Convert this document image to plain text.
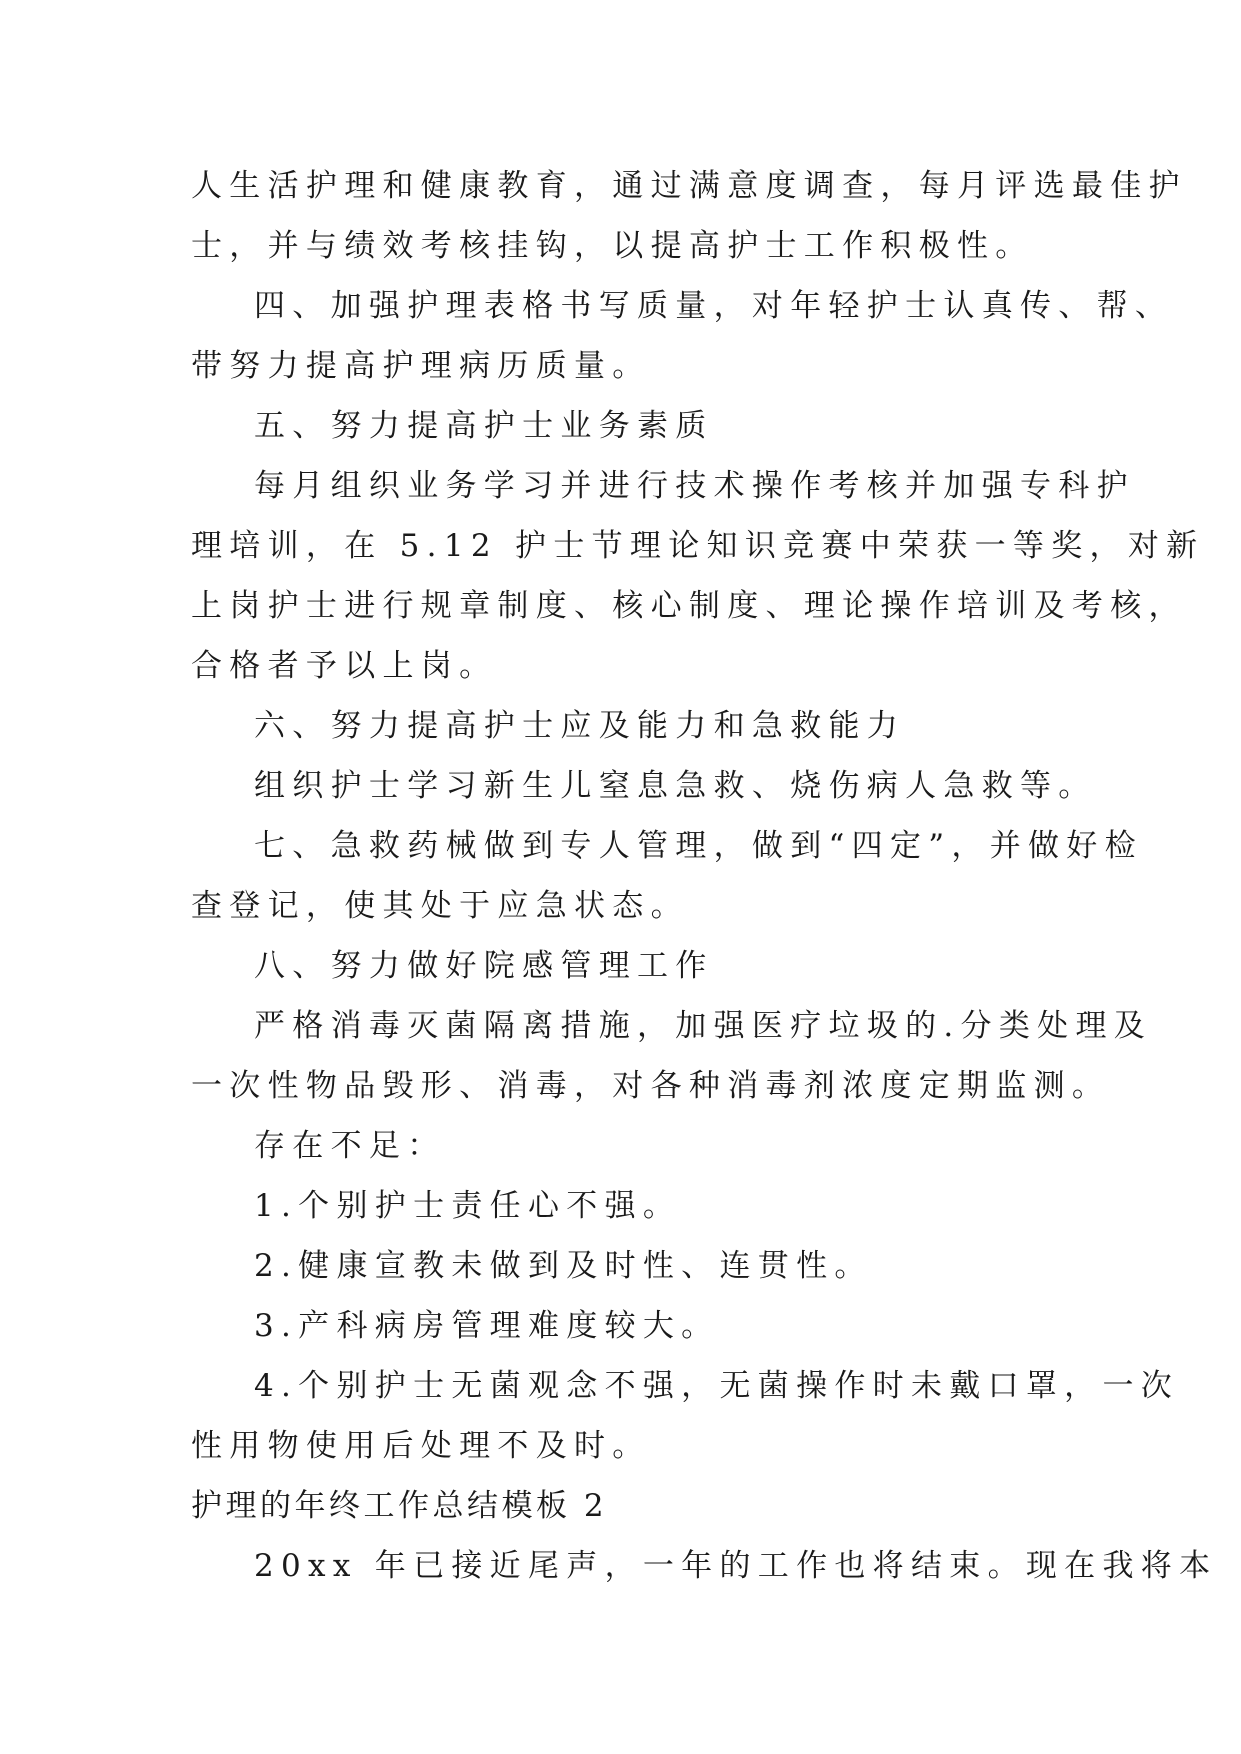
人生活护理和健康教育，通过满意度调查，每月评选最佳护
士，并与绩效考核挂钩，以提高护士工作积极性。
四、加强护理表格书写质量，对年轻护士认真传、帮、
带努力提高护理病历质量。
五、努力提高护士业务素质
每月组织业务学习并进行技术操作考核并加强专科护
理培训，在 5.12 护士节理论知识竞赛中荣获一等奖，对新
上岗护士进行规章制度、核心制度、理论操作培训及考核，
合格者予以上岗。
六、努力提高护士应及能力和急救能力
组织护士学习新生儿窒息急救、烧伤病人急救等。
七、急救药械做到专人管理，做到“四定”，并做好检
查登记，使其处于应急状态。
八、努力做好院感管理工作
严格消毒灭菌隔离措施，加强医疗垃圾的.分类处理及
一次性物品毁形、消毒，对各种消毒剂浓度定期监测。
存在不足：
1.个别护士责任心不强。
2.健康宣教未做到及时性、连贯性。
3.产科病房管理难度较大。
4.个别护士无菌观念不强，无菌操作时未戴口罩，一次
性用物使用后处理不及时。
护理的年终工作总结模板 2
20xx 年已接近尾声，一年的工作也将结束。现在我将本
